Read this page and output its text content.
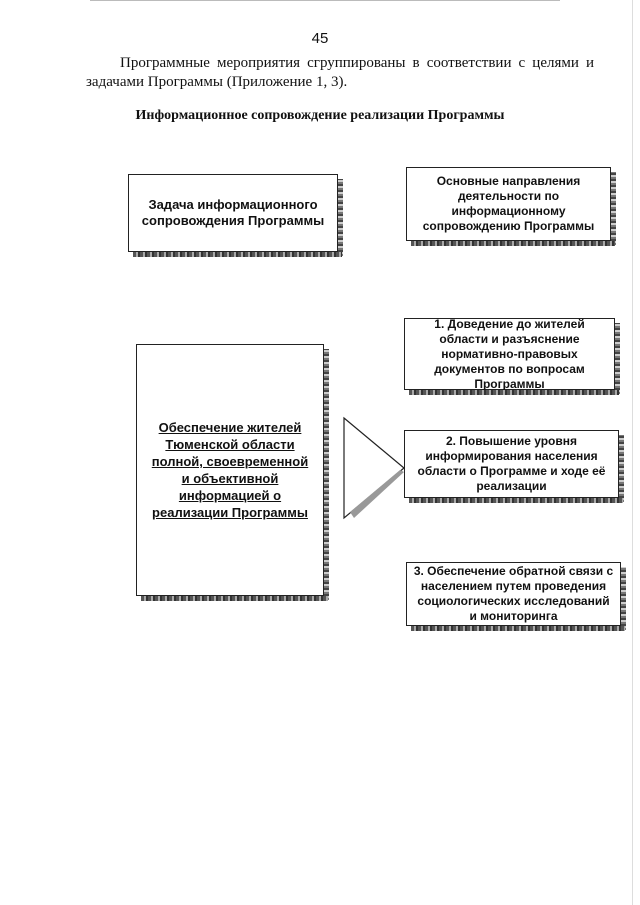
45
Программные мероприятия сгруппированы в соответствии с целями и задачами Программы (Приложение 1, 3).
Информационное сопровождение реализации Программы
Задача информационного сопровождения Программы
Основные направления деятельности по информационному сопровождению Программы
Обеспечение жителей Тюменской области полной, своевременной и объективной информацией о реализации Программы
1. Доведение до жителей области и разъяснение нормативно-правовых документов по вопросам Программы
2. Повышение уровня информирования населения области о Программе и ходе её реализации
3. Обеспечение обратной связи с населением путем проведения социологических исследований и мониторинга
